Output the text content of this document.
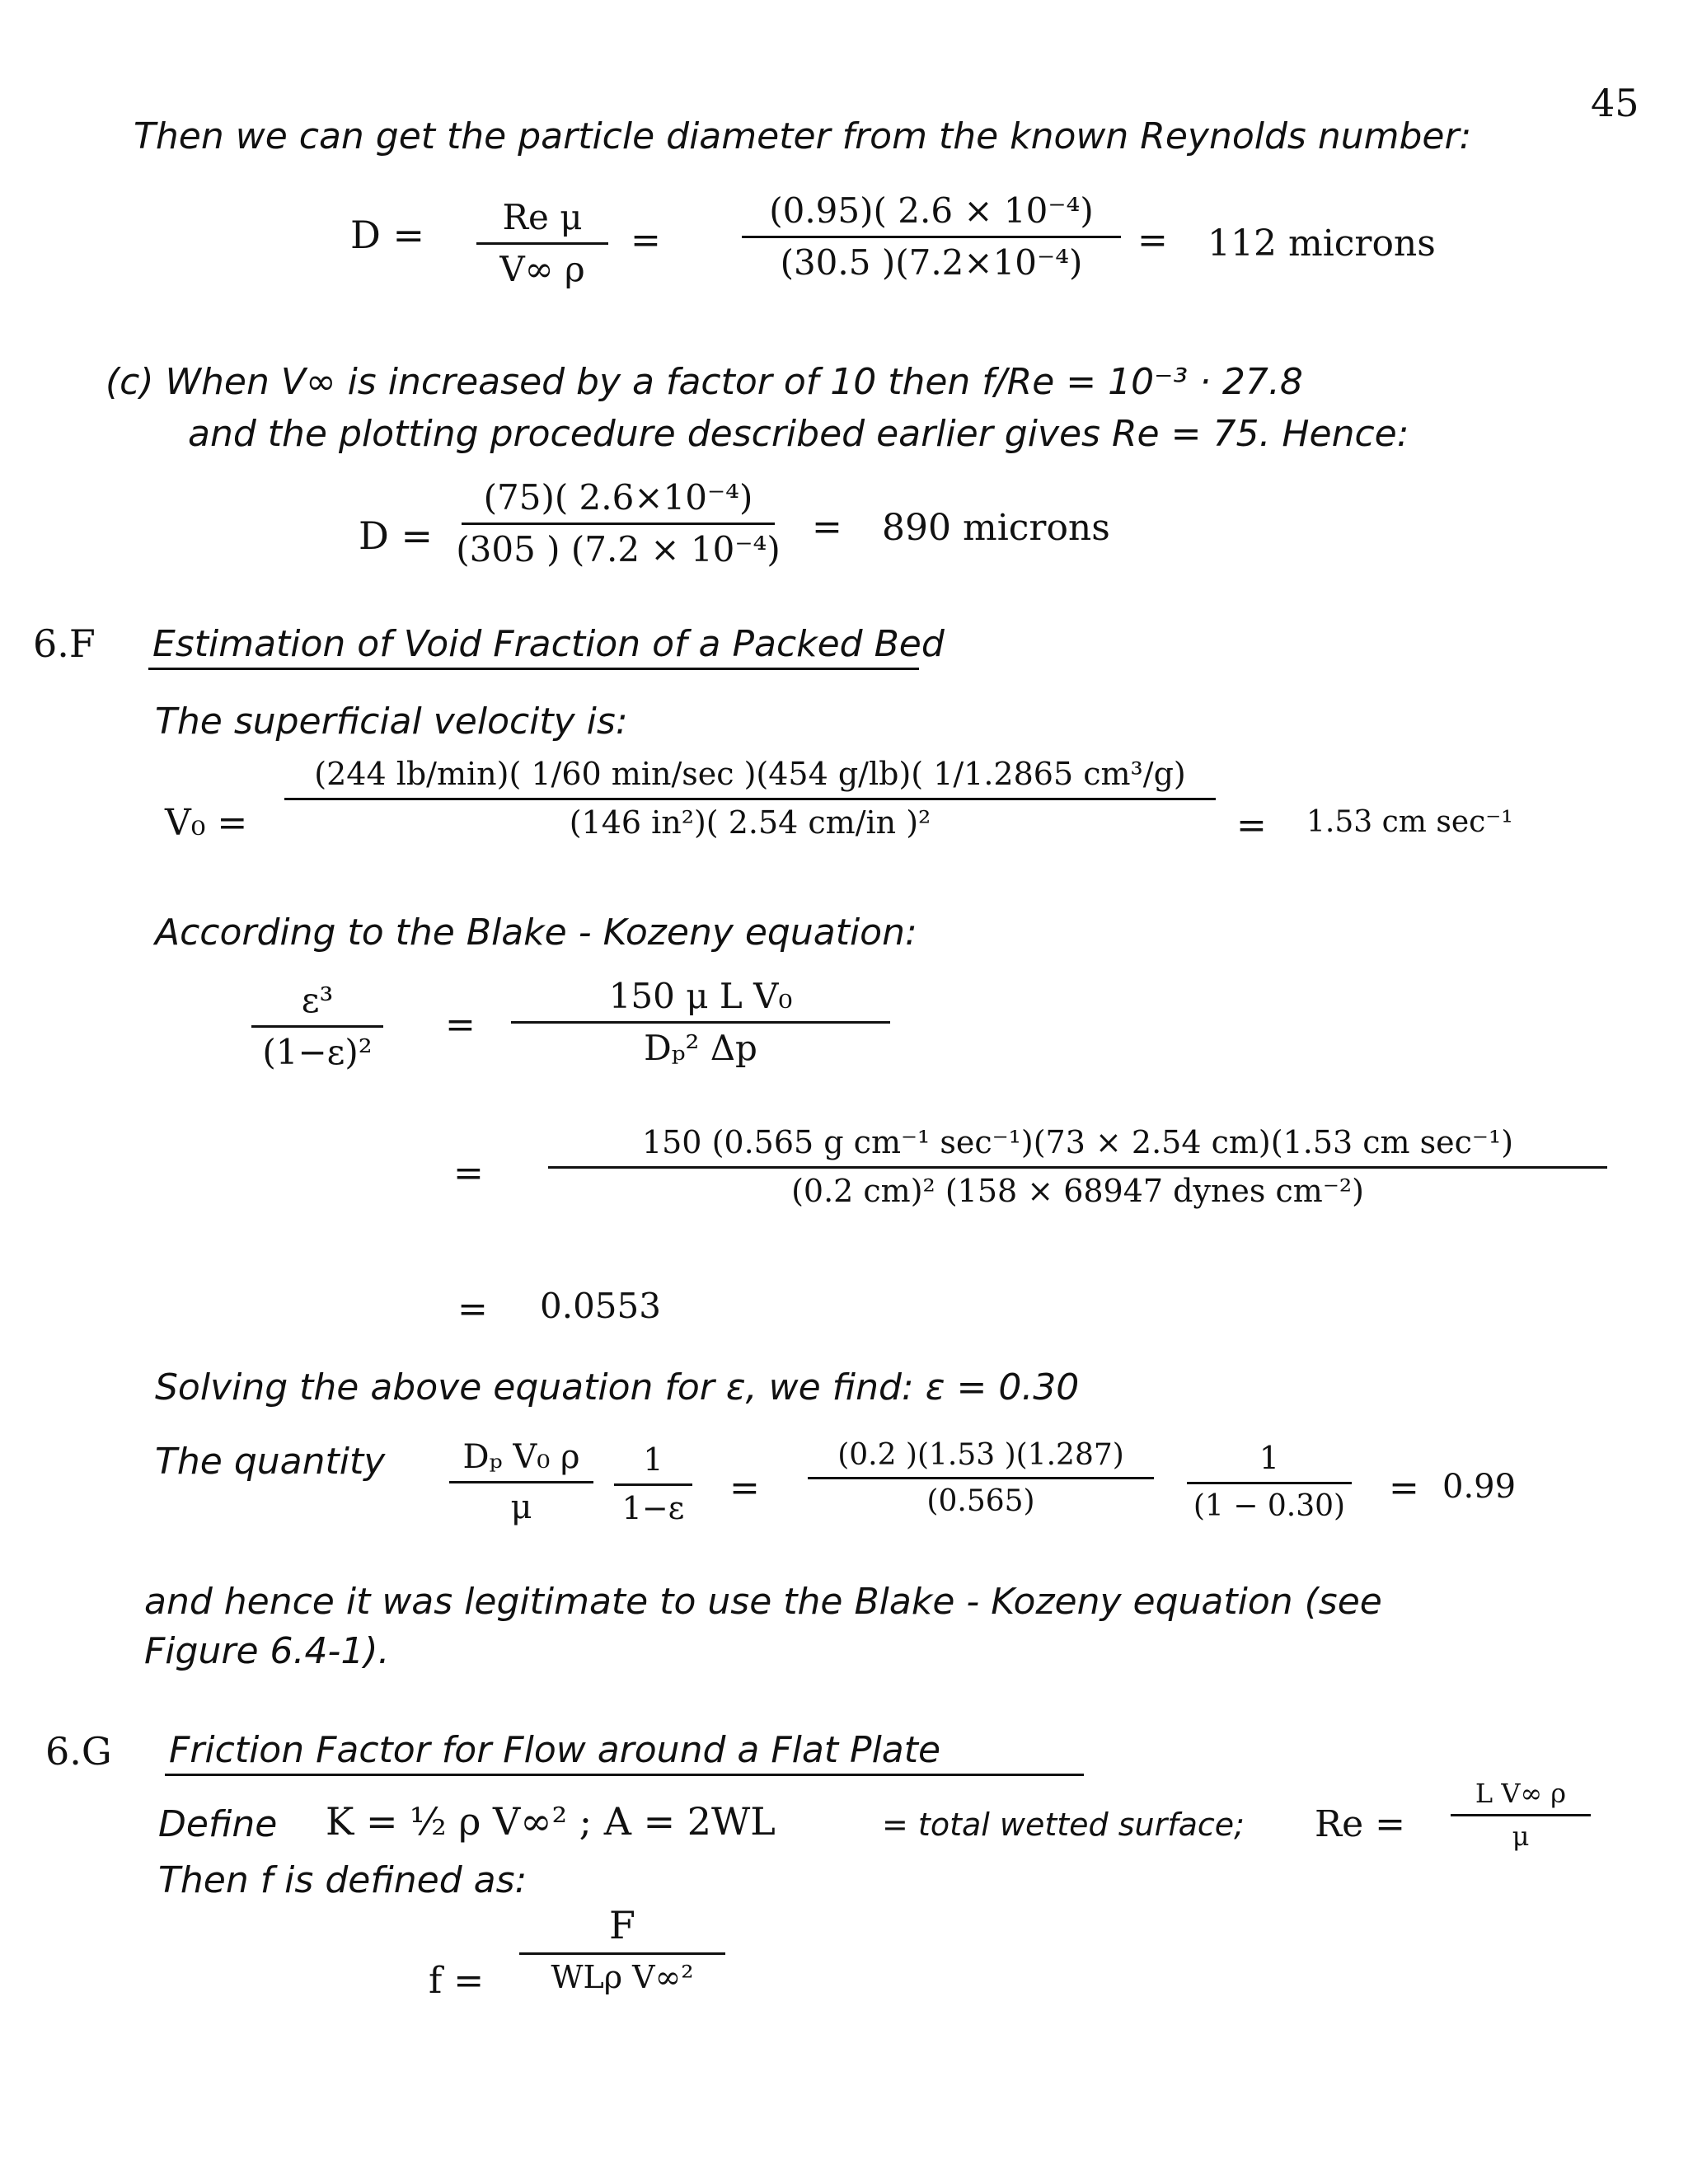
45
Then we can get the particle diameter from the known Reynolds number:
D = Re μ
V∞ ρ
=
(0.95)( 2.6 × 10⁻⁴)
(30.5 )(7.2×10⁻⁴)
= 112 microns
(c) When V∞ is increased by a factor of 10 then f/Re = 10⁻³ · 27.8
and the plotting procedure described earlier gives Re = 75. Hence:
D =
(75)( 2.6×10⁻⁴)
(305 ) (7.2 × 10⁻⁴)
= 890 microns
6.F Estimation of Void Fraction of a Packed Bed
The superficial velocity is:
V₀ =
(244 lb/min)( 1/60 min/sec )(454 g/lb)( 1/1.2865 cm³/g)
(146 in²)( 2.54 cm/in )²	= 1.53 cm sec⁻¹
According to the Blake - Kozeny equation:
ε³
(1−ε)²
=
150 μ L V₀
Dₚ² Δp
=
150 (0.565 g cm⁻¹ sec⁻¹)(73 × 2.54 cm)(1.53 cm sec⁻¹)
(0.2 cm)² (158 × 68947 dynes cm⁻²)
= 0.0553
Solving the above equation for ε, we find: ε = 0.30
The quantity Dₚ V₀ ρ
μ
1
1−ε =
(0.2 )(1.53 )(1.287)
(0.565)
1
(1 − 0.30) = 0.99
and hence it was legitimate to use the Blake - Kozeny equation (see
Figure 6.4-1).
6.G Friction Factor for Flow around a Flat Plate
Define K = ½ ρ V∞² ; A = 2WL	= total wetted surface; Re =
L V∞ ρ
μ
Then f is defined as:
f =
F
WLρ V∞²
